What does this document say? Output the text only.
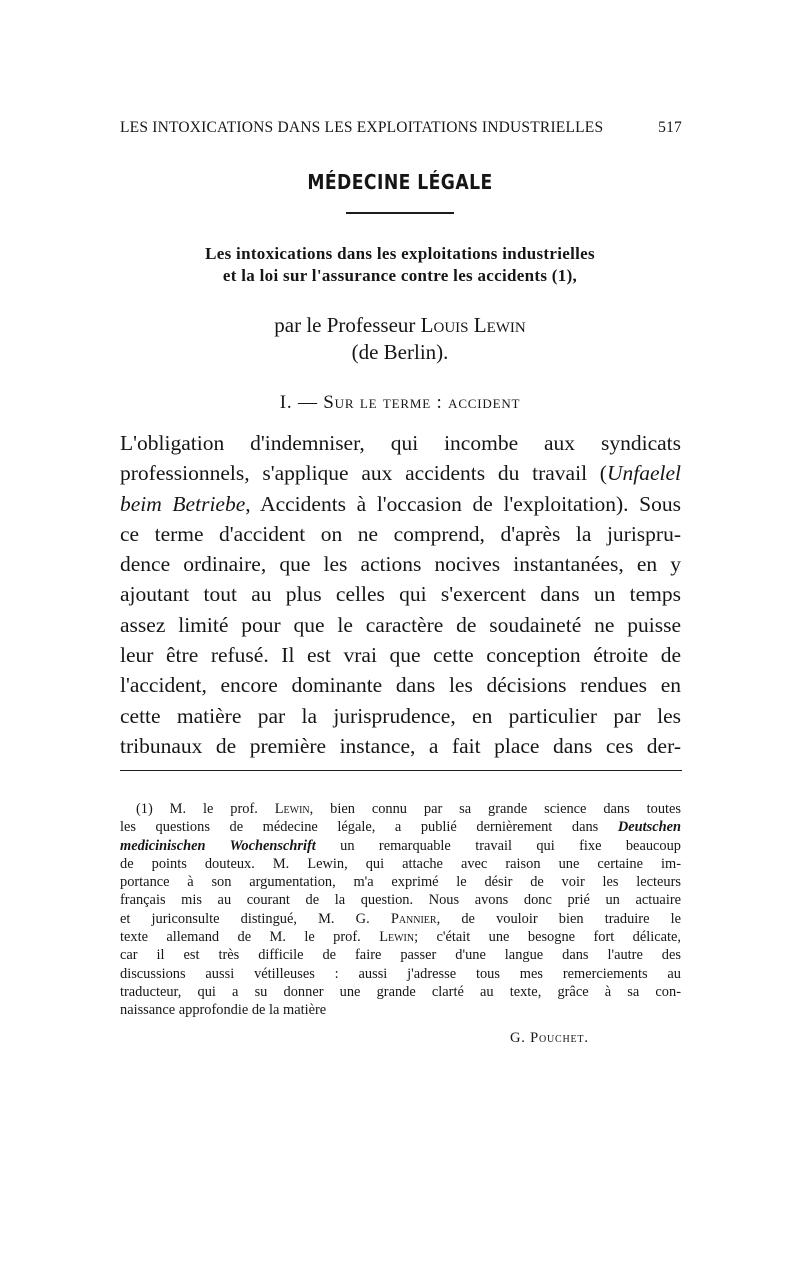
LES INTOXICATIONS DANS LES EXPLOITATIONS INDUSTRIELLES	517
MÉDECINE LÉGALE
Les intoxications dans les exploitations industrielles
et la loi sur l'assurance contre les accidents (1),
par le Professeur Louis Lewin
(de Berlin).
I. — Sur le terme : accident
L'obligation d'indemniser, qui incombe aux syndicats
professionnels, s'applique aux accidents du travail (Unfaelel
beim Betriebe, Accidents à l'occasion de l'exploitation). Sous
ce terme d'accident on ne comprend, d'après la jurispru-
dence ordinaire, que les actions nocives instantanées, en y
ajoutant tout au plus celles qui s'exercent dans un temps
assez limité pour que le caractère de soudaineté ne puisse
leur être refusé. Il est vrai que cette conception étroite de
l'accident, encore dominante dans les décisions rendues en
cette matière par la jurisprudence, en particulier par les
tribunaux de première instance, a fait place dans ces der-
(1) M. le prof. Lewin, bien connu par sa grande science dans toutes
les questions de médecine légale, a publié dernièrement dans Deutschen
medicinischen Wochenschrift un remarquable travail qui fixe beaucoup
de points douteux. M. Lewin, qui attache avec raison une certaine im-
portance à son argumentation, m'a exprimé le désir de voir les lecteurs
français mis au courant de la question. Nous avons donc prié un actuaire
et juriconsulte distingué, M. G. Pannier, de vouloir bien traduire le
texte allemand de M. le prof. Lewin; c'était une besogne fort délicate,
car il est très difficile de faire passer d'une langue dans l'autre des
discussions aussi vétilleuses : aussi j'adresse tous mes remerciements au
traducteur, qui a su donner une grande clarté au texte, grâce à sa con-
naissance approfondie de la matière
G. Pouchet.
